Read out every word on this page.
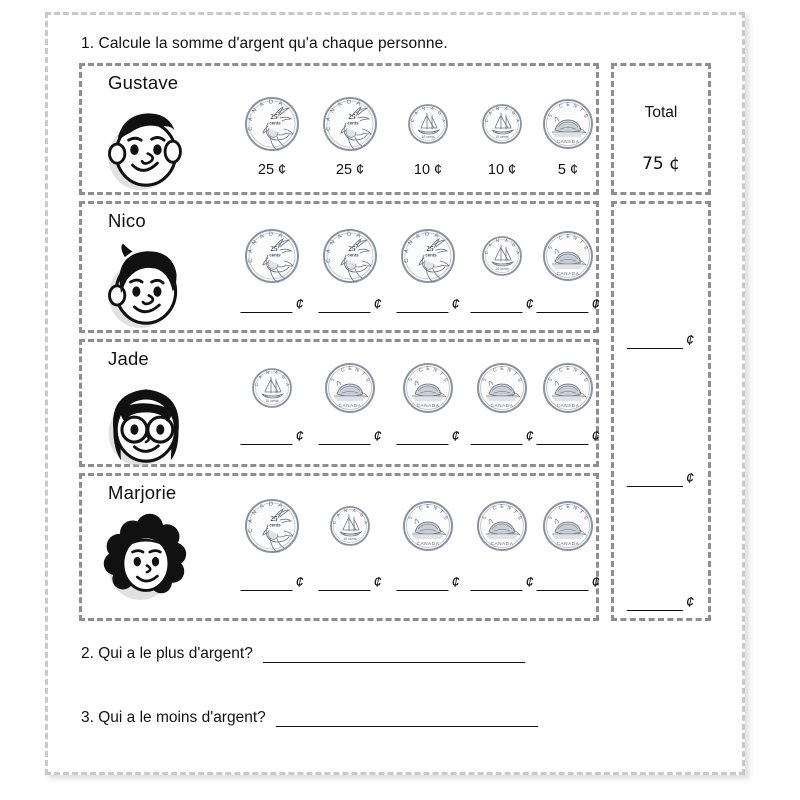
1. Calcule la somme d'argent qu'a chaque personne.
Gustave
C
A
N
A D A
25
cents
C
A
N
A D A
25
cents	C
A
N A
D
A
10 cents
C
A
N A
D
A
10 cents
5
C E N
T
S
CANADA
25 ¢	25 ¢	10 ¢	10 ¢	5 ¢
Nico
C
A
N
A D A
25
cents
C
A
N
A D A
25
cents
C
A
N
A D A
25
cents	C
A
N A
D
A
10 cents
5
C E N
T
S
CANADA
¢	¢	¢	¢	¢
Jade
C
A
N A
D
A
10 cents
5
C E N
T
S
CANADA
5
C E N
T
S
CANADA
5
C E N
T
S
CANADA
5
C E N
T
S
CANADA
¢	¢	¢	¢	¢
Marjorie
C
A
N
A D A
25
cents	C
A
N A
D
A
10 cents
5
C E N
T
S
CANADA
5
C E N
T
S
CANADA
5
C E N
T
S
CANADA
¢	¢	¢	¢	¢
Total
75 ¢
¢
¢
¢
2. Qui a le plus d'argent?
3. Qui a le moins d'argent?
